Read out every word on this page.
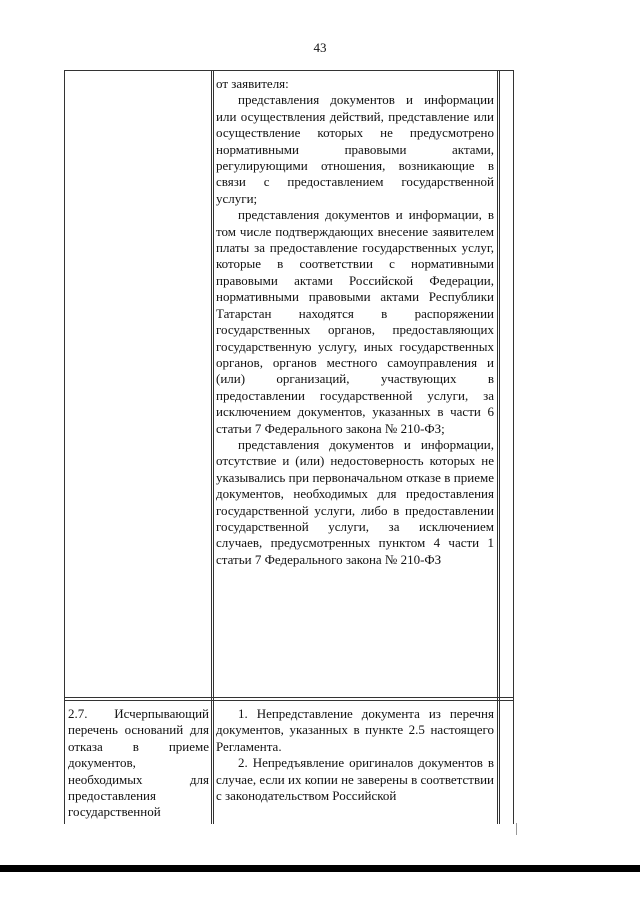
43

от заявителя:

представления документов и информации или осуществления действий, представление или осуществление которых не предусмотрено нормативными правовыми актами, регулирующими отношения, возникающие в связи с предоставлением государственной услуги;

представления документов и информации, в том числе подтверждающих внесение заявителем платы за предоставление государственных услуг, которые в соответствии с нормативными правовыми актами Российской Федерации, нормативными правовыми актами Республики Татарстан находятся в распоряжении государственных органов, предоставляющих государственную услугу, иных государственных органов, органов местного самоуправления и (или) организаций, участвующих в предоставлении государственной услуги, за исключением документов, указанных в части 6 статьи 7 Федерального закона № 210-ФЗ;

представления документов и информации, отсутствие и (или) недостоверность которых не указывались при первоначальном отказе в приеме документов, необходимых для предоставления государственной услуги, либо в предоставлении государственной услуги, за исключением случаев, предусмотренных пунктом 4 части 1 статьи 7 Федерального закона № 210-ФЗ

2.7. Исчерпывающий перечень оснований для отказа в приеме документов, необходимых для предоставления государственной

1. Непредставление документа из перечня документов, указанных в пункте 2.5 настоящего Регламента.

2. Непредъявление оригиналов документов в случае, если их копии не заверены в соответствии с законодательством Российской
